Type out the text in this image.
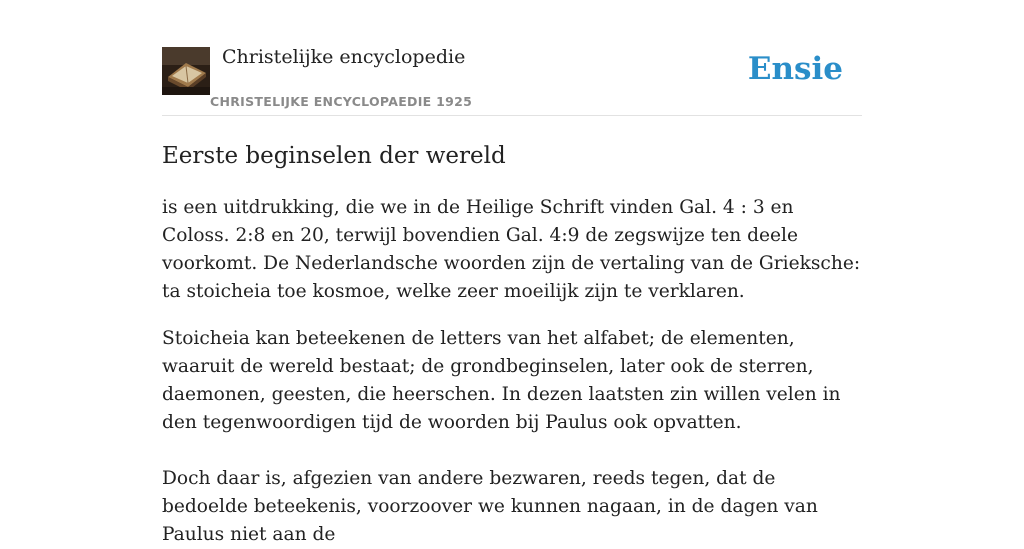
Christelijke encyclopedie
CHRISTELIJKE ENCYCLOPAEDIE 1925
Ensie
Eerste beginselen der wereld

is een uitdrukking, die we in de Heilige Schrift vinden Gal. 4 : 3 en Coloss. 2:8 en 20, terwijl bovendien Gal. 4:9 de zegswijze ten deele voorkomt. De Nederlandsche woorden zijn de vertaling van de Grieksche: ta stoicheia toe kosmoe, welke zeer moeilijk zijn te verklaren.

Stoicheia kan beteekenen de letters van het alfabet; de elementen, waaruit de wereld bestaat; de grondbeginselen, later ook de sterren, daemonen, geesten, die heerschen. In dezen laatsten zin willen velen in den tegenwoordigen tijd de woorden bij Paulus ook opvatten.

Doch daar is, afgezien van andere bezwaren, reeds tegen, dat de bedoelde beteekenis, voorzoover we kunnen nagaan, in de dagen van Paulus niet aan de
